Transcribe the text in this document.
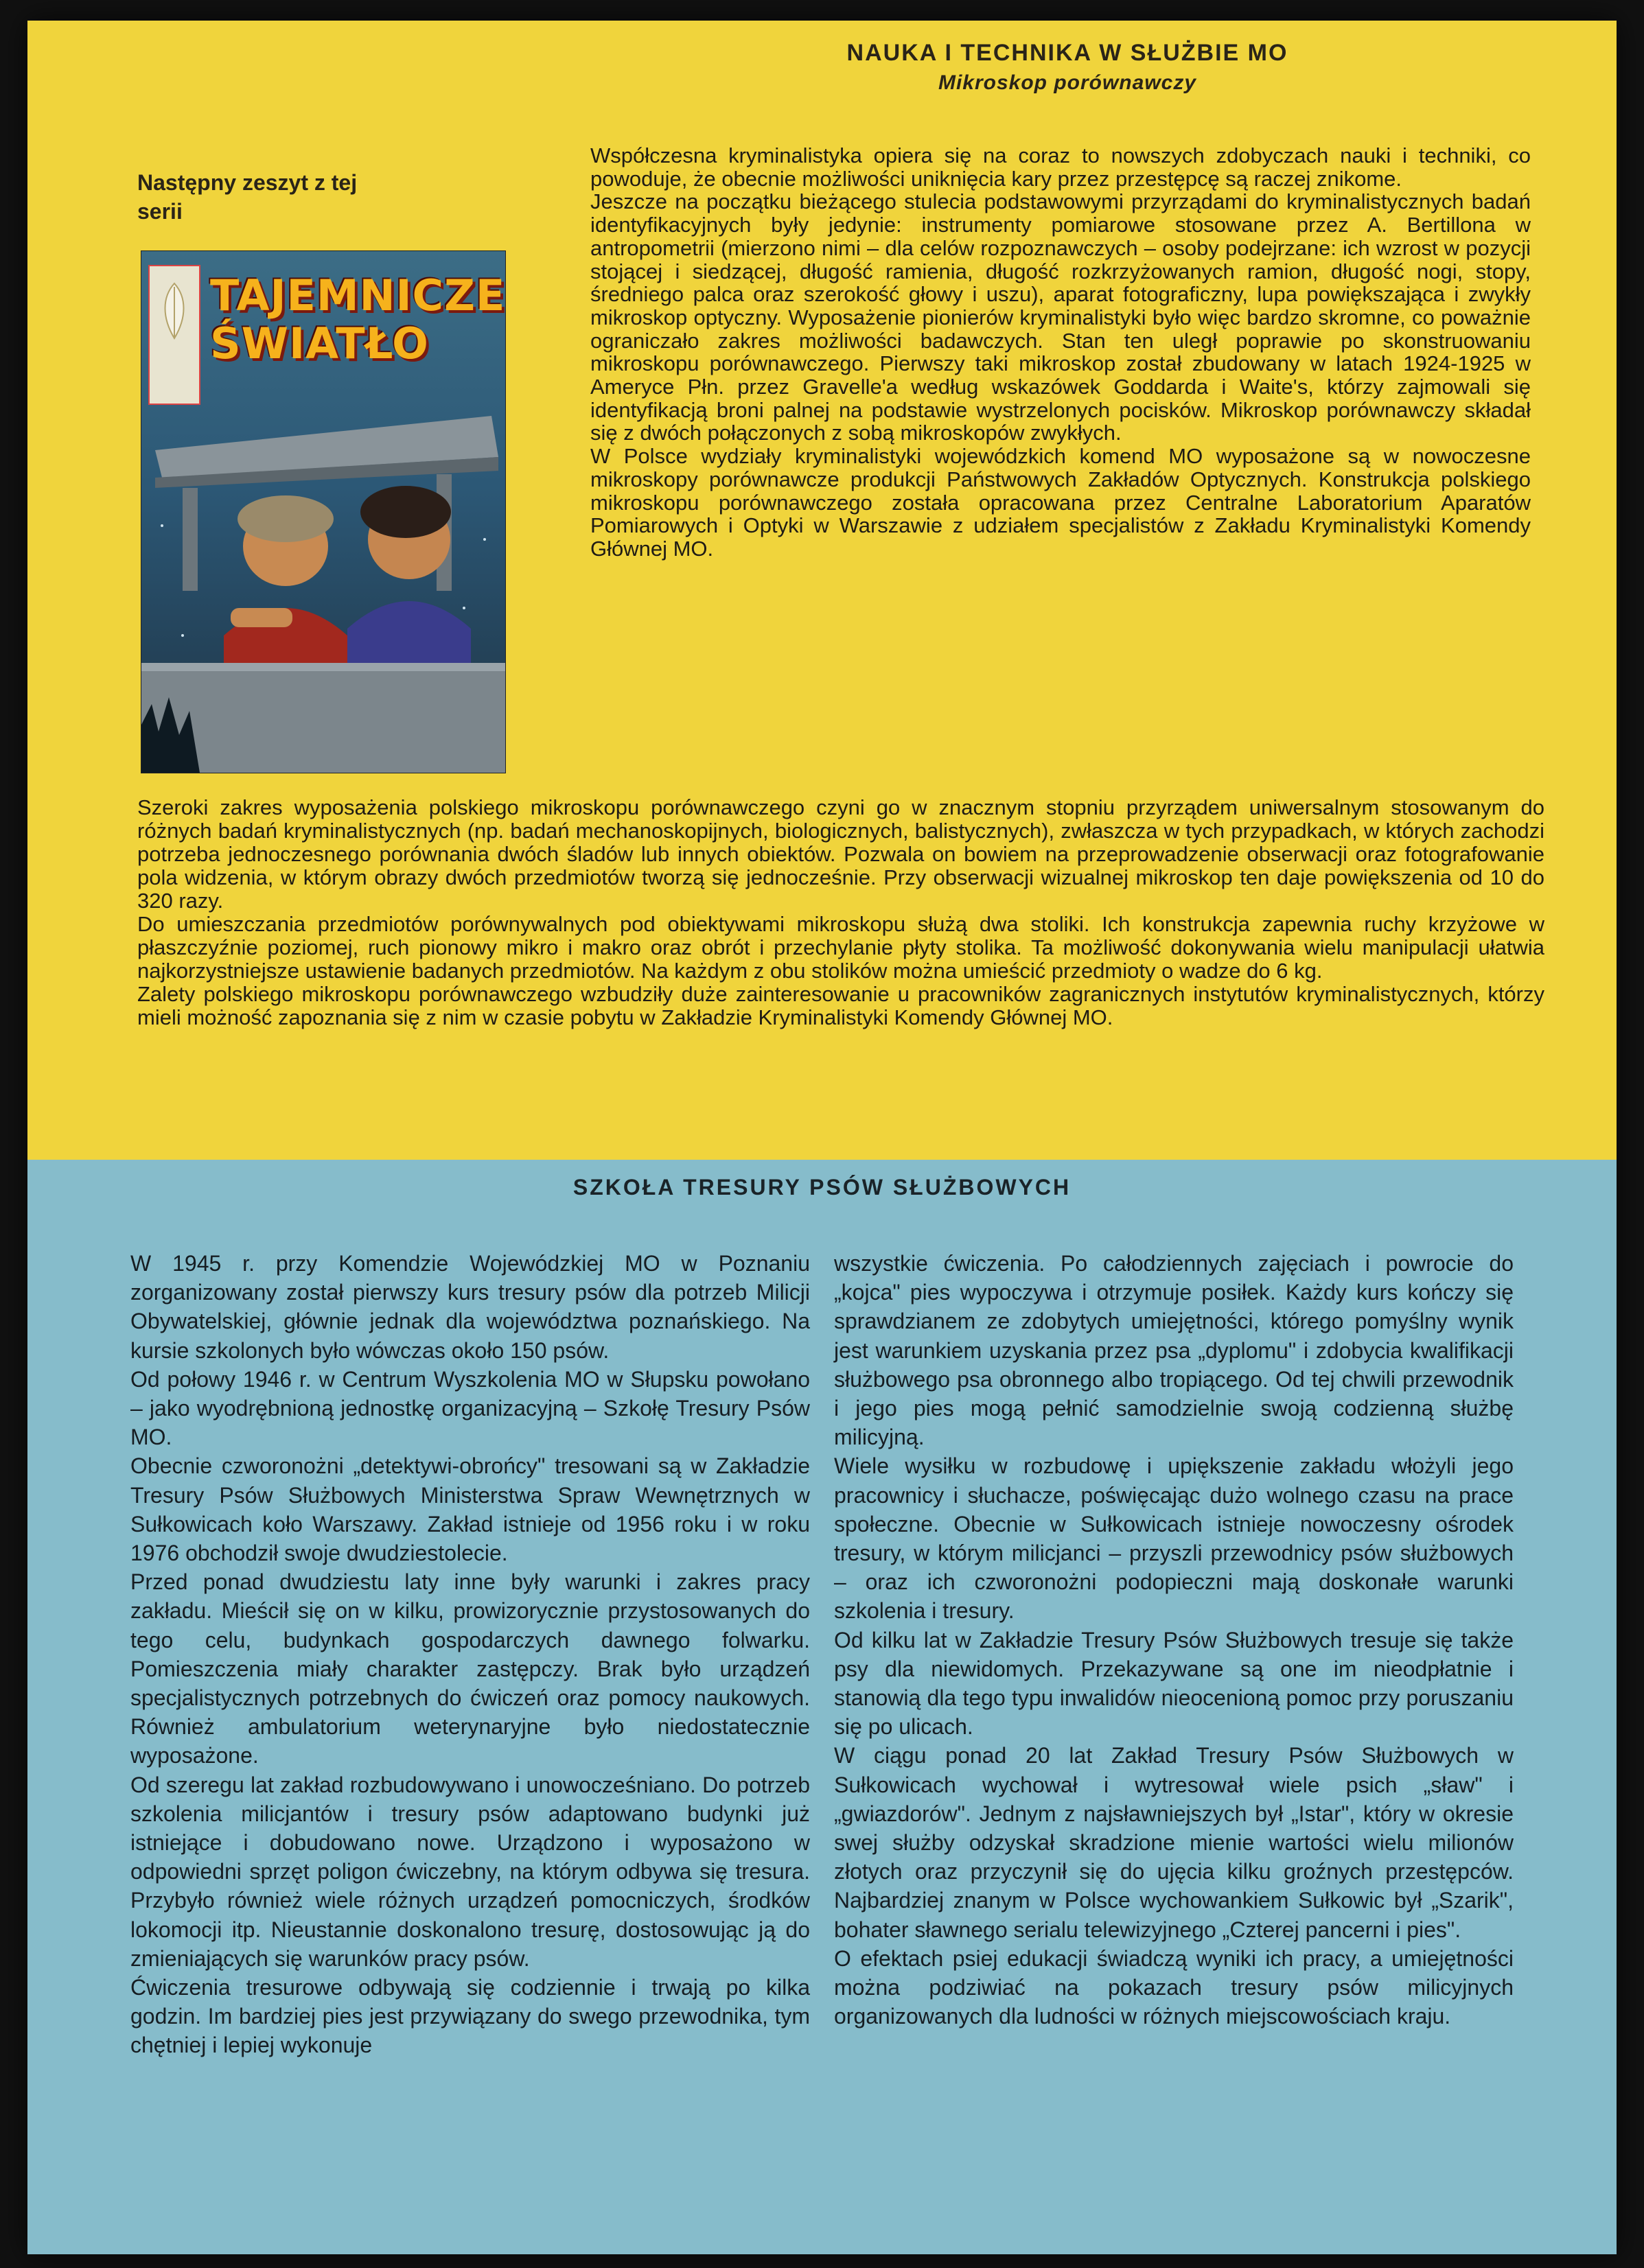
NAUKA I TECHNIKA W SŁUŻBIE MO
Mikroskop porównawczy
Następny zeszyt z tej serii
TAJEMNICZE
ŚWIATŁO

Współczesna kryminalistyka opiera się na coraz to nowszych zdobyczach nauki i techniki, co powoduje, że obecnie możliwości uniknięcia kary przez przestępcę są raczej znikome.

Jeszcze na początku bieżącego stulecia podstawowymi przyrządami do kryminalistycznych badań identyfikacyjnych były jedynie: instrumenty pomiarowe stosowane przez A. Bertillona w antropometrii (mierzono nimi – dla celów rozpoznawczych – osoby podejrzane: ich wzrost w pozycji stojącej i siedzącej, długość ramienia, długość rozkrzyżowanych ramion, długość nogi, stopy, średniego palca oraz szerokość głowy i uszu), aparat fotograficzny, lupa powiększająca i zwykły mikroskop optyczny. Wyposażenie pionierów kryminalistyki było więc bardzo skromne, co poważnie ograniczało zakres możliwości badawczych. Stan ten uległ poprawie po skonstruowaniu mikroskopu porównawczego. Pierwszy taki mikroskop został zbudowany w latach 1924-1925 w Ameryce Płn. przez Gravelle'a według wskazówek Goddarda i Waite's, którzy zajmowali się identyfikacją broni palnej na podstawie wystrzelonych pocisków. Mikroskop porównawczy składał się z dwóch połączonych z sobą mikroskopów zwykłych.

W Polsce wydziały kryminalistyki wojewódzkich komend MO wyposażone są w nowoczesne mikroskopy porównawcze produkcji Państwowych Zakładów Optycznych. Konstrukcja polskiego mikroskopu porównawczego została opracowana przez Centralne Laboratorium Aparatów Pomiarowych i Optyki w Warszawie z udziałem specjalistów z Zakładu Kryminalistyki Komendy Głównej MO.

Szeroki zakres wyposażenia polskiego mikroskopu porównawczego czyni go w znacznym stopniu przyrządem uniwersalnym stosowanym do różnych badań kryminalistycznych (np. badań mechanoskopijnych, biologicznych, balistycznych), zwłaszcza w tych przypadkach, w których zachodzi potrzeba jednoczesnego porównania dwóch śladów lub innych obiektów. Pozwala on bowiem na przeprowadzenie obserwacji oraz fotografowanie pola widzenia, w którym obrazy dwóch przedmiotów tworzą się jednocześnie. Przy obserwacji wizualnej mikroskop ten daje powiększenia od 10 do 320 razy.

Do umieszczania przedmiotów porównywalnych pod obiektywami mikroskopu służą dwa stoliki. Ich konstrukcja zapewnia ruchy krzyżowe w płaszczyźnie poziomej, ruch pionowy mikro i makro oraz obrót i przechylanie płyty stolika. Ta możliwość dokonywania wielu manipulacji ułatwia najkorzystniejsze ustawienie badanych przedmiotów. Na każdym z obu stolików można umieścić przedmioty o wadze do 6 kg.

Zalety polskiego mikroskopu porównawczego wzbudziły duże zainteresowanie u pracowników zagranicznych instytutów kryminalistycznych, którzy mieli możność zapoznania się z nim w czasie pobytu w Zakładzie Kryminalistyki Komendy Głównej MO.

SZKOŁA TRESURY PSÓW SŁUŻBOWYCH

W 1945 r. przy Komendzie Wojewódzkiej MO w Poznaniu zorganizowany został pierwszy kurs tresury psów dla potrzeb Milicji Obywatelskiej, głównie jednak dla województwa poznańskiego. Na kursie szkolonych było wówczas około 150 psów.

Od połowy 1946 r. w Centrum Wyszkolenia MO w Słupsku powołano – jako wyodrębnioną jednostkę organizacyjną – Szkołę Tresury Psów MO.

Obecnie czworonożni „detektywi-obrońcy" tresowani są w Zakładzie Tresury Psów Służbowych Ministerstwa Spraw Wewnętrznych w Sułkowicach koło Warszawy. Zakład istnieje od 1956 roku i w roku 1976 obchodził swoje dwudziestolecie.

Przed ponad dwudziestu laty inne były warunki i zakres pracy zakładu. Mieścił się on w kilku, prowizorycznie przystosowanych do tego celu, budynkach gospodarczych dawnego folwarku. Pomieszczenia miały charakter zastępczy. Brak było urządzeń specjalistycznych potrzebnych do ćwiczeń oraz pomocy naukowych. Również ambulatorium weterynaryjne było niedostatecznie wyposażone.

Od szeregu lat zakład rozbudowywano i unowocześniano. Do potrzeb szkolenia milicjantów i tresury psów adaptowano budynki już istniejące i dobudowano nowe. Urządzono i wyposażono w odpowiedni sprzęt poligon ćwiczebny, na którym odbywa się tresura. Przybyło również wiele różnych urządzeń pomocniczych, środków lokomocji itp. Nieustannie doskonalono tresurę, dostosowując ją do zmieniających się warunków pracy psów.

Ćwiczenia tresurowe odbywają się codziennie i trwają po kilka godzin. Im bardziej pies jest przywiązany do swego przewodnika, tym chętniej i lepiej wykonuje

wszystkie ćwiczenia. Po całodziennych zajęciach i powrocie do „kojca" pies wypoczywa i otrzymuje posiłek. Każdy kurs kończy się sprawdzianem ze zdobytych umiejętności, którego pomyślny wynik jest warunkiem uzyskania przez psa „dyplomu" i zdobycia kwalifikacji służbowego psa obronnego albo tropiącego. Od tej chwili przewodnik i jego pies mogą pełnić samodzielnie swoją codzienną służbę milicyjną.

Wiele wysiłku w rozbudowę i upiększenie zakładu włożyli jego pracownicy i słuchacze, poświęcając dużo wolnego czasu na prace społeczne. Obecnie w Sułkowicach istnieje nowoczesny ośrodek tresury, w którym milicjanci – przyszli przewodnicy psów służbowych – oraz ich czworonożni podopieczni mają doskonałe warunki szkolenia i tresury.

Od kilku lat w Zakładzie Tresury Psów Służbowych tresuje się także psy dla niewidomych. Przekazywane są one im nieodpłatnie i stanowią dla tego typu inwalidów nieocenioną pomoc przy poruszaniu się po ulicach.

W ciągu ponad 20 lat Zakład Tresury Psów Służbowych w Sułkowicach wychował i wytresował wiele psich „sław" i „gwiazdorów". Jednym z najsławniejszych był „Istar", który w okresie swej służby odzyskał skradzione mienie wartości wielu milionów złotych oraz przyczynił się do ujęcia kilku groźnych przestępców. Najbardziej znanym w Polsce wychowankiem Sułkowic był „Szarik", bohater sławnego serialu telewizyjnego „Czterej pancerni i pies".

O efektach psiej edukacji świadczą wyniki ich pracy, a umiejętności można podziwiać na pokazach tresury psów milicyjnych organizowanych dla ludności w różnych miejscowościach kraju.
